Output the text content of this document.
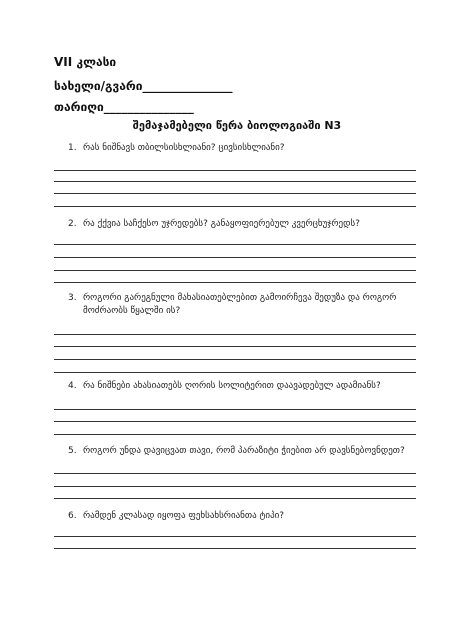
VII კლასი
სახელი/გვარი_______________
თარიღი_______________
შემაჯამებელი წერა ბიოლოგიაში N3
1. რას ნიშნავს თბილსისხლიანი? ცივსისხლიანი?
2. რა ქქვია საჩქესო უჯრედებს? განაყოფიერებულ კვერცხუჯრედს?
3. როგორი გარეგნული მახასიათებლებით გამოირჩევა შედუზა და როგორ
მოძრაობს წყალში ის?
4. რა ნიშნები ახასიათებს ღორის სოლიტერით დაავადებულ ადამიანს?
5. როგორ უნდა დავიცვათ თავი, რომ პარაზიტი ჭიებით არ დავსნებოვნდეთ?
6. რამდენ კლასად იყოფა ფეხსახსრიანთა ტიპი?
